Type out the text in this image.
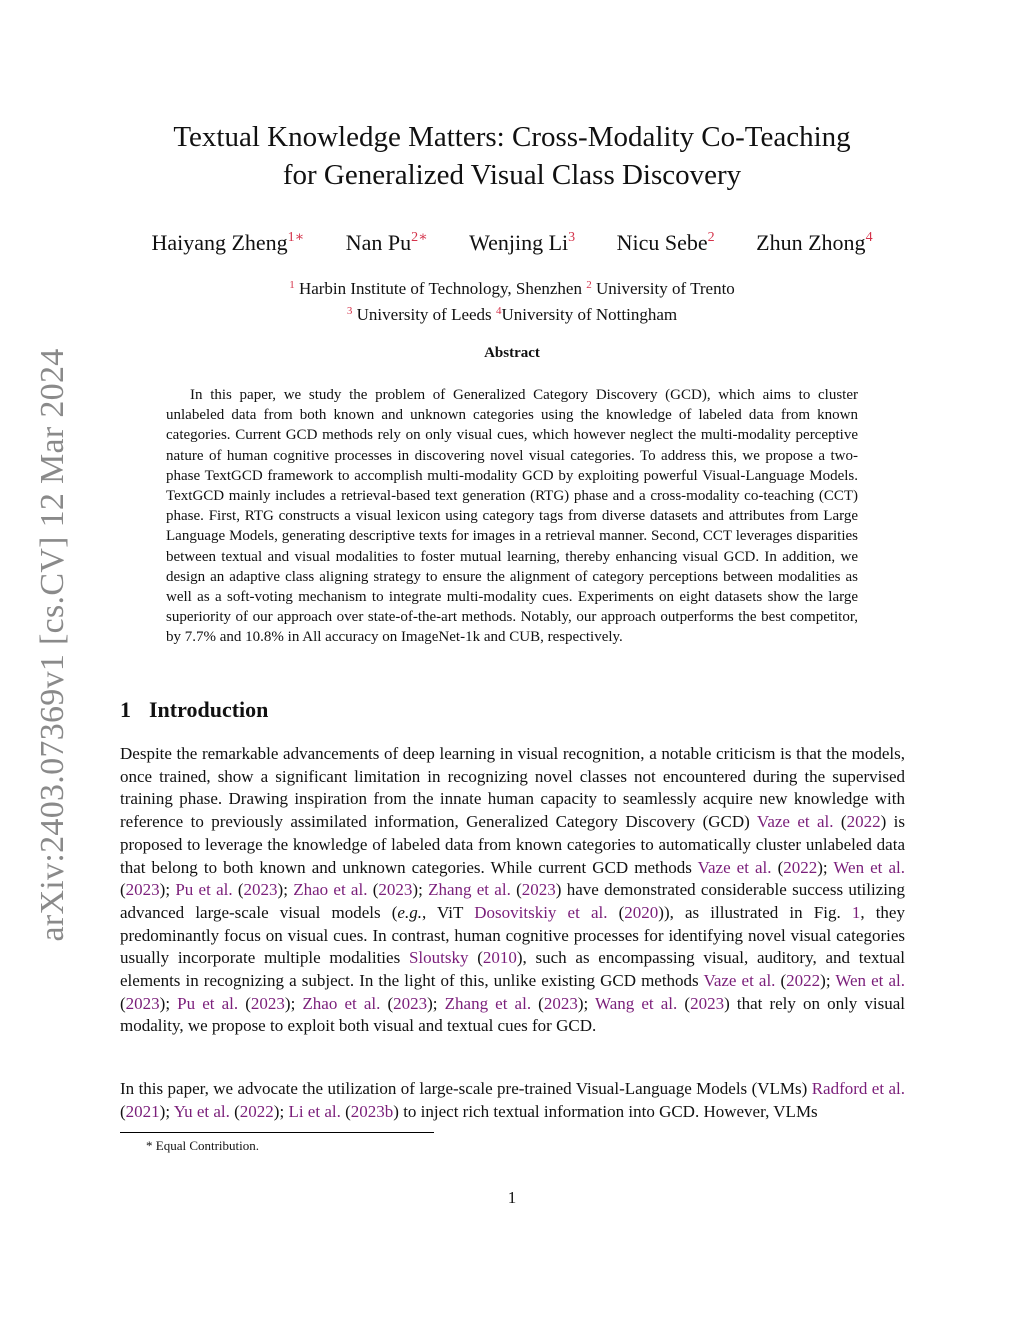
arXiv:2403.07369v1 [cs.CV] 12 Mar 2024
Textual Knowledge Matters: Cross-Modality Co-Teaching
for Generalized Visual Class Discovery
Haiyang Zheng$^{1∗}$ Nan $Pu^{2∗}$ Wenjing Li$^3$ Nicu Sebe$^2$ Zhun Zhong$^4$
$^1$ Harbin Institute of Technology, Shenzhen $^2$ University of Trento
$^3$ University of Leeds $^4$University of Nottingham
Abstract

In this paper, we study the problem of Generalized Category Discovery (GCD), which aims to cluster unlabeled data from both known and unknown categories using the knowledge of labeled data from known categories. Current GCD methods rely on only visual cues, which however neglect the multi-modality perceptive nature of human cognitive processes in discovering novel visual categories. To address this, we propose a two-phase TextGCD framework to accomplish multi-modality GCD by exploiting powerful Visual-Language Models. TextGCD mainly includes a retrieval-based text generation (RTG) phase and a cross-modality co-teaching (CCT) phase. First, RTG constructs a visual lexicon using category tags from diverse datasets and attributes from Large Language Models, generating descriptive texts for images in a retrieval manner. Second, CCT leverages disparities between textual and visual modalities to foster mutual learning, thereby enhancing visual GCD. In addition, we design an adaptive class aligning strategy to ensure the alignment of category perceptions between modalities as well as a soft-voting mechanism to integrate multi-modality cues. Experiments on eight datasets show the large superiority of our approach over state-of-the-art methods. Notably, our approach outperforms the best competitor, by 7.7% and 10.8% in All accuracy on ImageNet-1k and CUB, respectively.

1 Introduction

Despite the remarkable advancements of deep learning in visual recognition, a notable criticism is that the models, once trained, show a significant limitation in recognizing novel classes not encountered during the supervised training phase. Drawing inspiration from the innate human capacity to seamlessly acquire new knowledge with reference to previously assimilated information, Generalized Category Discovery (GCD) Vaze et al. (2022) is proposed to leverage the knowledge of labeled data from known categories to automatically cluster unlabeled data that belong to both known and unknown categories. While current GCD methods Vaze et al. (2022); Wen et al. (2023); Pu et al. (2023); Zhao et al. (2023); Zhang et al. (2023) have demonstrated considerable success utilizing advanced large-scale visual models (e.g., ViT Dosovitskiy et al. (2020)), as illustrated in Fig. 1, they predominantly focus on visual cues. In contrast, human cognitive processes for identifying novel visual categories usually incorporate multiple modalities Sloutsky (2010), such as encompassing visual, auditory, and textual elements in recognizing a subject. In the light of this, unlike existing GCD methods Vaze et al. (2022); Wen et al. (2023); Pu et al. (2023); Zhao et al. (2023); Zhang et al. (2023); Wang et al. (2023) that rely on only visual modality, we propose to exploit both visual and textual cues for GCD.

In this paper, we advocate the utilization of large-scale pre-trained Visual-Language Models (VLMs) Radford et al. (2021); Yu et al. (2022); Li et al. (2023b) to inject rich textual information into GCD. However, VLMs

* Equal Contribution.
1
